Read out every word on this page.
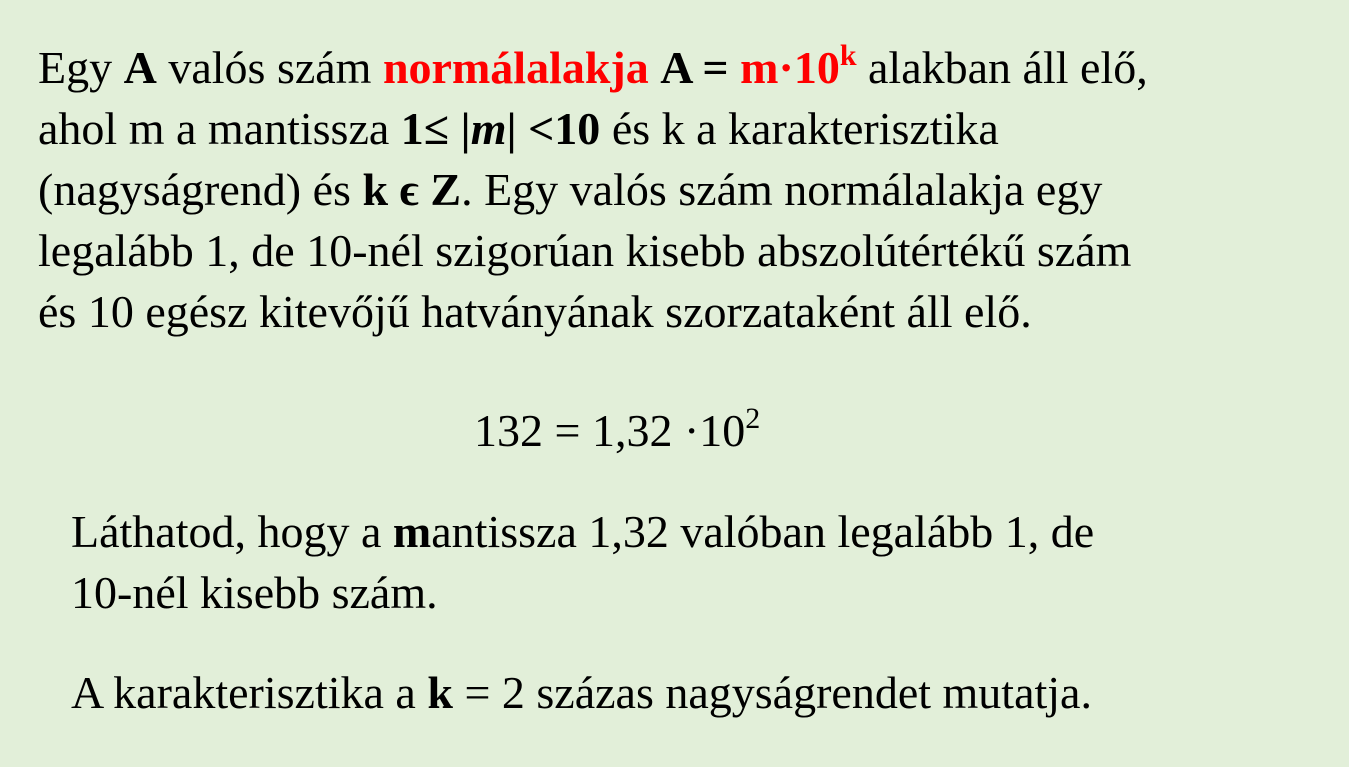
Egy A valós szám normálalakja $A = m\cdot 10^k$ alakban áll elő,
ahol m a mantissza 1≤ |m| <10 és k a karakterisztika
(nagyságrend) és k ϵ Z. Egy valós szám normálalakja egy
legalább 1, de 10-nél szigorúan kisebb abszolútértékű szám
és 10 egész kitevőjű hatványának szorzataként áll elő.
$132 = 1,32 \cdot 10^2$
Láthatod, hogy a mantissza 1,32 valóban legalább 1, de
10-nél kisebb szám.
A karakterisztika a k = 2 százas nagyságrendet mutatja.
